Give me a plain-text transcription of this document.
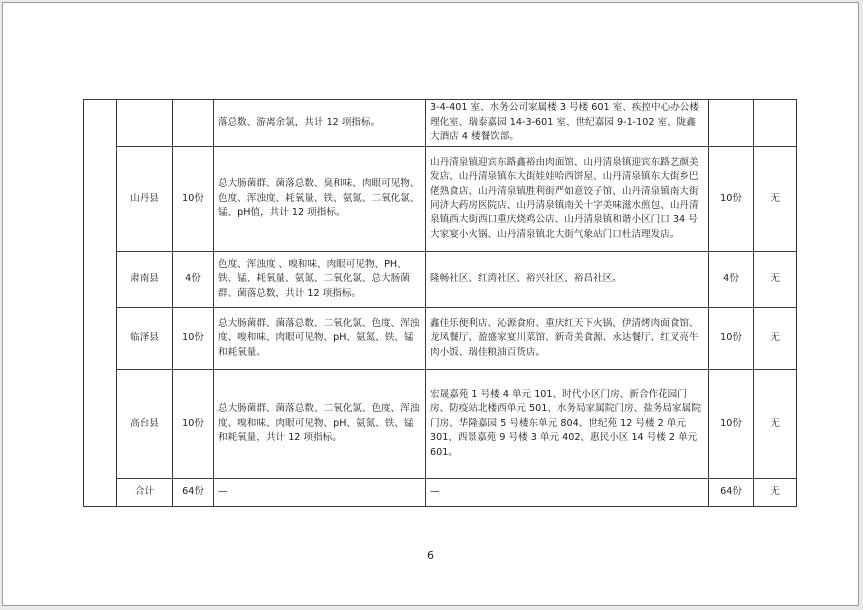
			落总数、游离余氯，共计 12 项指标。	3-4-401 室、水务公司家属楼 3 号楼 601 室、疾控中心办公楼理化室、瑞泰嘉园 14-3-601 室、世纪嘉园 9-1-102 室、陇鑫大酒店 4 楼餐饮部。		
	山丹县	10份	总大肠菌群、菌落总数、臭和味、肉眼可见物、色度、浑浊度、耗氧量、铁、氨氮、二氧化氯、锰、pH值，共计 12 项指标。	山丹清泉镇迎宾东路鑫裕由肉面馆、山丹清泉镇迎宾东路艺颜美发店、山丹清泉镇东大街娃娃哈西饼屋、山丹清泉镇东大街乡巴佬熟食店、山丹清泉镇胜利街严如意饺子馆、山丹清泉镇南大街同济大药房医院店、山丹清泉镇南关十字美味滋水煎包、山丹清泉镇西大街西口重庆烧鸡公店、山丹清泉镇和谐小区门口 34 号大家宴小火锅、山丹清泉镇北大街气象站门口杜洁理发店。	10份	无
	肃南县	4份	色度、浑浊度 、嗅和味、肉眼可见物、PH、铁、锰、耗氧量、氨氮、二氧化氯、总大肠菌群、菌落总数，共计 12 项指标。	隆畅社区、红湾社区、裕兴社区、裕昌社区。	4份	无
	临泽县	10份	总大肠菌群、菌落总数、二氧化氯、色度、浑浊度、嗅和味、肉眼可见物、pH、氨氮、铁、锰和耗氧量。	鑫佳乐便利店、沁源食府、重庆红天下火锅、伊清烤肉面食馆、龙凤餐厅、盈盛家宴川菜馆、新奇美食源、永达餐厅、红叉亮牛肉小饭、瑞佳粮油百货店。	10份	无
	高台县	10份	总大肠菌群、菌落总数、二氧化氯、色度、浑浊度、嗅和味、肉眼可见物、pH、氨氮、铁、锰和耗氧量，共计 12 项指标。	宏晟嘉苑 1 号楼 4 单元 101、时代小区门房、新合作花园门房、防疫站北楼西单元 501、水务局家属院门房、盐务局家属院门房、华隆嘉园 5 号楼东单元 804、世纪苑 12 号楼 2 单元 301、西景嘉苑 9 号楼 3 单元 402、惠民小区 14 号楼 2 单元 601。	10份	无
	合计	64份	—	—	64份	无
6
